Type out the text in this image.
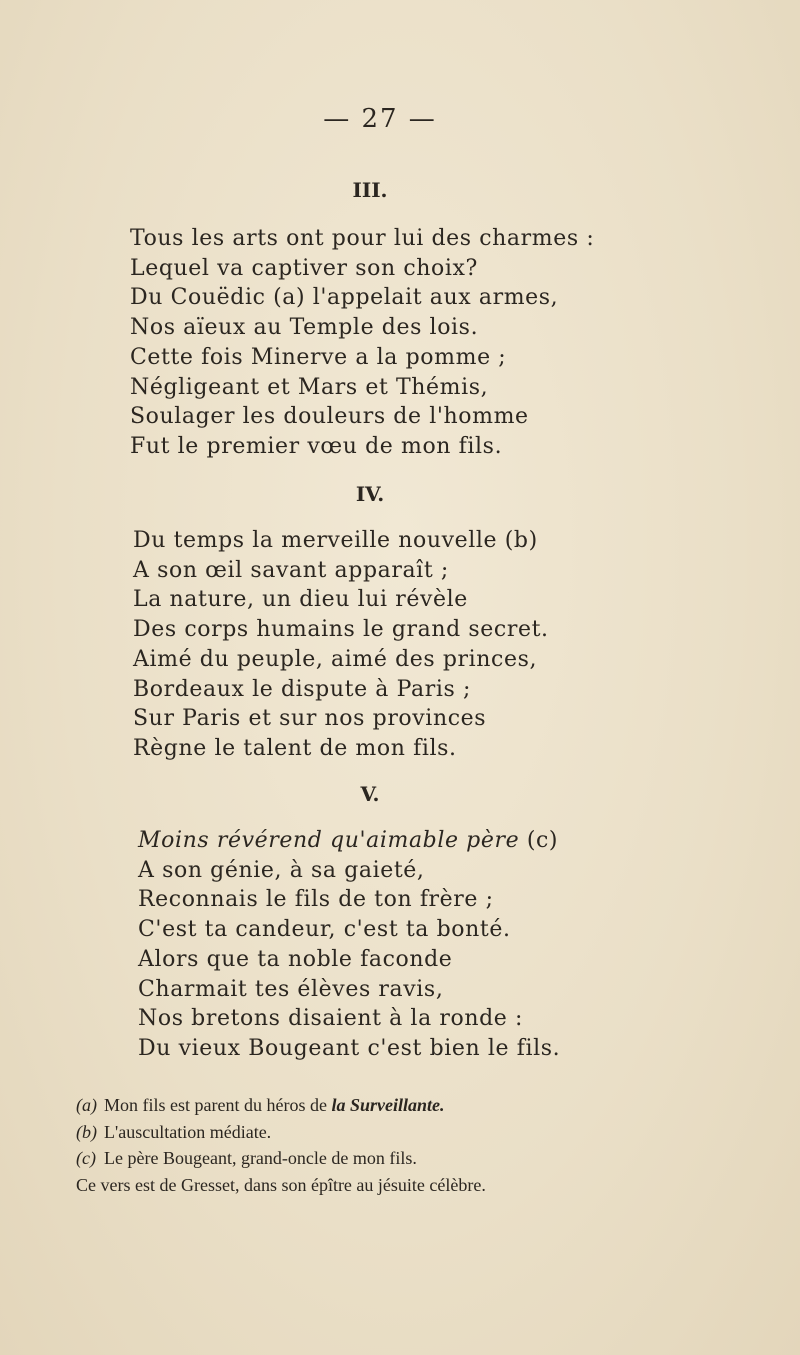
— 27 —
III.
Tous les arts ont pour lui des charmes :
Lequel va captiver son choix?
Du Couëdic (a) l'appelait aux armes,
Nos aïeux au Temple des lois.
Cette fois Minerve a la pomme ;
Négligeant et Mars et Thémis,
Soulager les douleurs de l'homme
Fut le premier vœu de mon fils.
IV.
Du temps la merveille nouvelle (b)
A son œil savant apparaît ;
La nature, un dieu lui révèle
Des corps humains le grand secret.
Aimé du peuple, aimé des princes,
Bordeaux le dispute à Paris ;
Sur Paris et sur nos provinces
Règne le talent de mon fils.
V.
Moins révérend qu'aimable père (c)
A son génie, à sa gaieté,
Reconnais le fils de ton frère ;
C'est ta candeur, c'est ta bonté.
Alors que ta noble faconde
Charmait tes élèves ravis,
Nos bretons disaient à la ronde :
Du vieux Bougeant c'est bien le fils.
(a) Mon fils est parent du héros de la Surveillante.
(b) L'auscultation médiate.
(c) Le père Bougeant, grand-oncle de mon fils.
Ce vers est de Gresset, dans son épître au jésuite célèbre.
